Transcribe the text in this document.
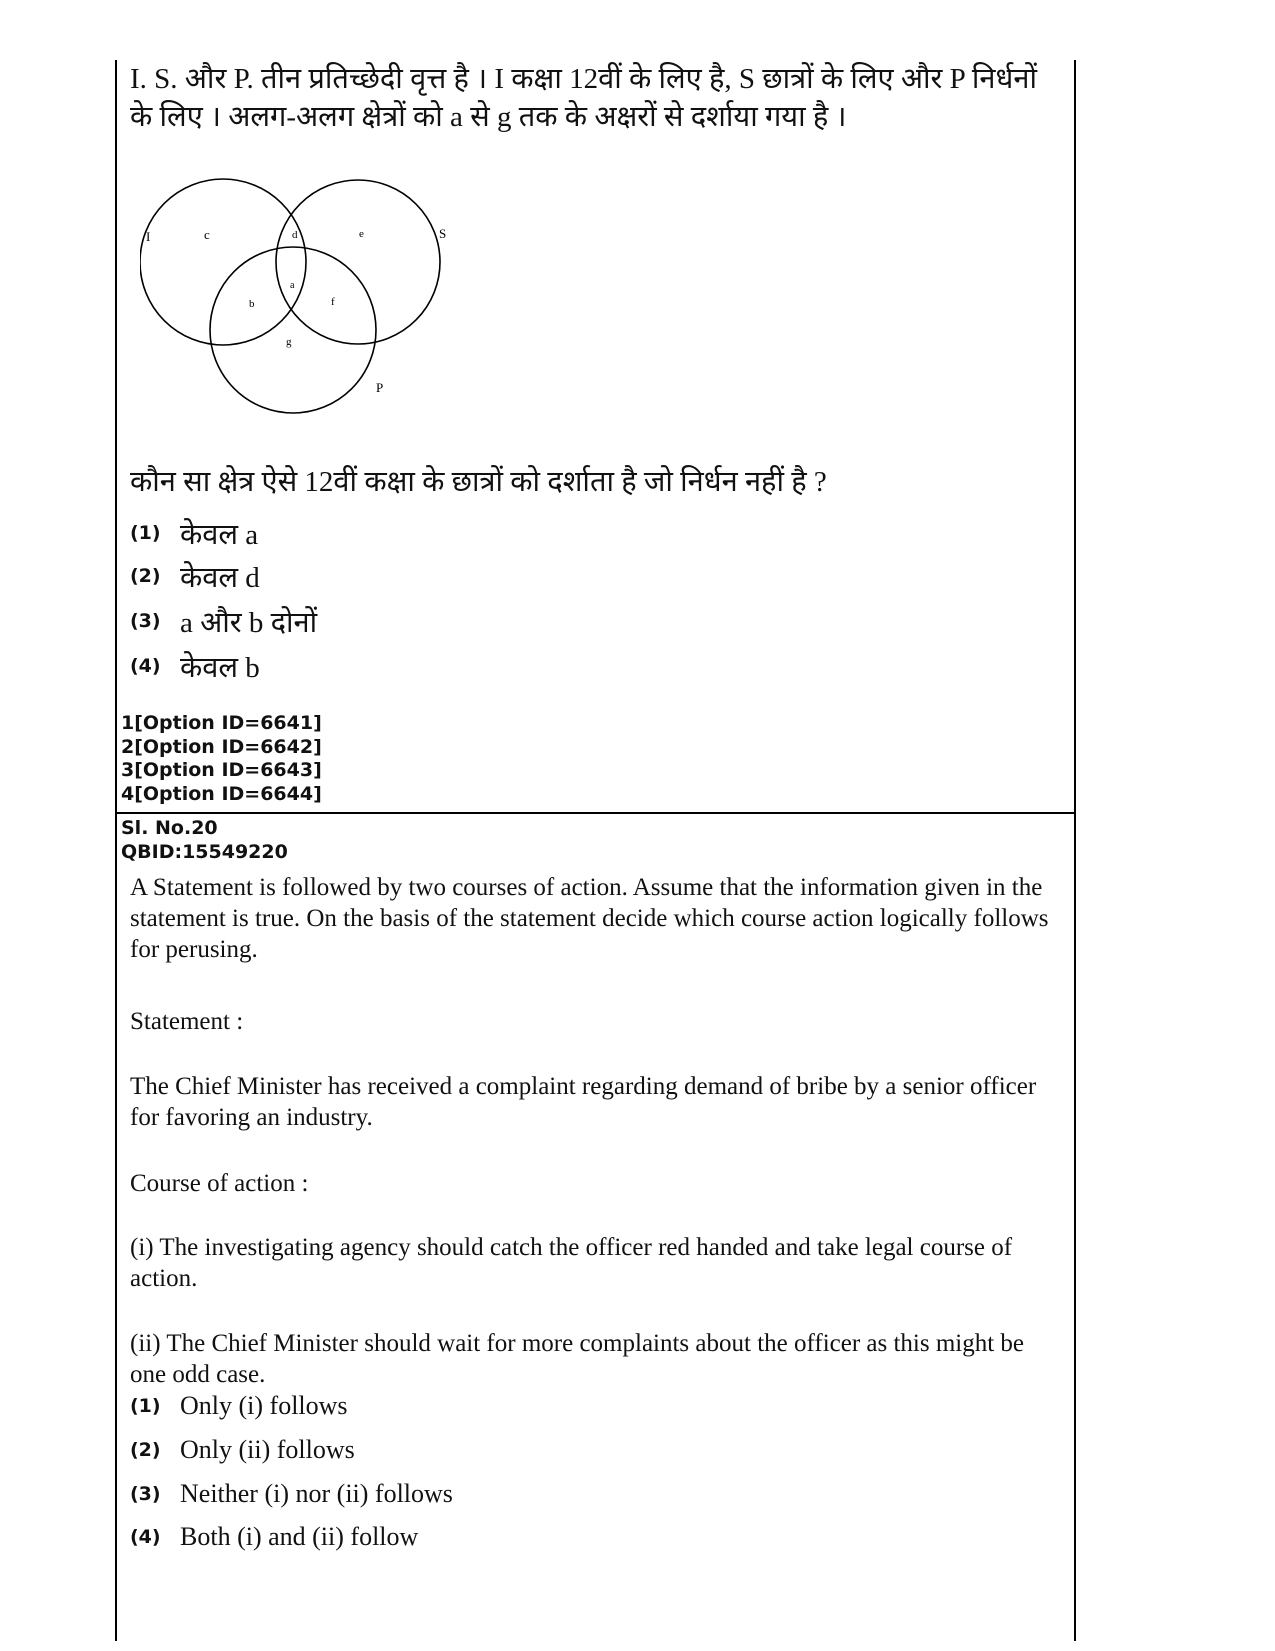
I. S. और P. तीन प्रतिच्छेदी वृत्त है । I कक्षा 12वीं के लिए है, S छात्रों के लिए और P निर्धनों के लिए । अलग-अलग क्षेत्रों को a से g तक के अक्षरों से दर्शाया गया है ।

I	S
P
c	d	e
a
b	f
g

कौन सा क्षेत्र ऐसे 12वीं कक्षा के छात्रों को दर्शाता है जो निर्धन नहीं है ?

(1) केवल a
(2) केवल d
(3) a और b दोनों
(4) केवल b
1[Option ID=6641]
2[Option ID=6642]
3[Option ID=6643]
4[Option ID=6644]
Sl. No.20
QBID:15549220

A Statement is followed by two courses of action. Assume that the information given in the statement is true. On the basis of the statement decide which course action logically follows for perusing.

Statement :

The Chief Minister has received a complaint regarding demand of bribe by a senior officer for favoring an industry.

Course of action :

(i) The investigating agency should catch the officer red handed and take legal course of action.

(ii) The Chief Minister should wait for more complaints about the officer as this might be one odd case.

(1) Only (i) follows
(2) Only (ii) follows
(3) Neither (i) nor (ii) follows
(4) Both (i) and (ii) follow
